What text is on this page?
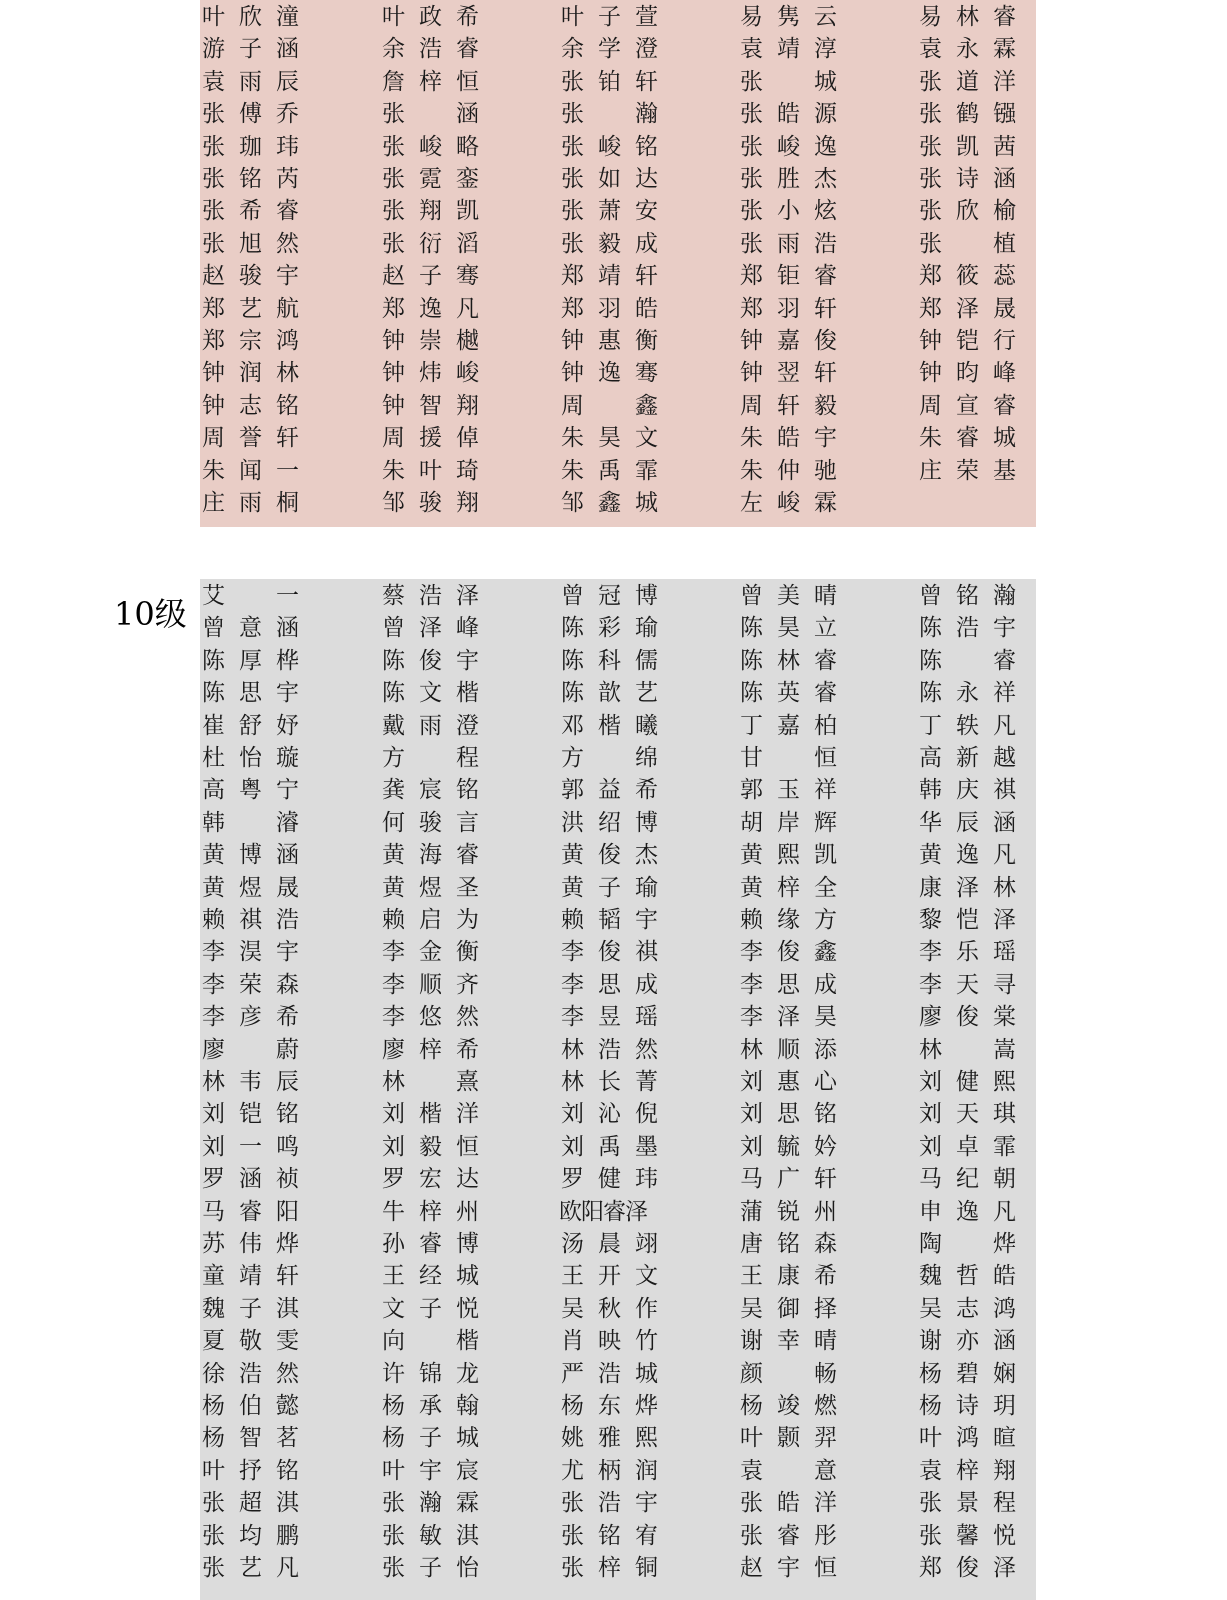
叶 欣 潼	叶 政 希	叶 子 萱	易 隽 云	易 林 睿
游 子 涵	余 浩 睿	余 学 澄	袁 靖 淳	袁 永 霖
袁 雨 辰	詹 梓 恒	张 铂 轩	张 城	张 道 洋
张 傅 乔	张 涵	张 瀚	张 皓 源	张 鹤 镪
张 珈 玮	张 峻 略	张 峻 铭	张 峻 逸	张 凯 茜
张 铭 芮	张 霓 銮	张 如 达	张 胜 杰	张 诗 涵
张 希 睿	张 翔 凯	张 萧 安	张 小 炫	张 欣 榆
张 旭 然	张 衍 滔	张 毅 成	张 雨 浩	张 植
赵 骏 宇	赵 子 骞	郑 靖 轩	郑 钜 睿	郑 筱 蕊
郑 艺 航	郑 逸 凡	郑 羽 皓	郑 羽 轩	郑 泽 晟
郑 宗 鸿	钟 崇 樾	钟 惠 衡	钟 嘉 俊	钟 铠 行
钟 润 林	钟 炜 峻	钟 逸 骞	钟 翌 轩	钟 昀 峰
钟 志 铭	钟 智 翔	周 鑫	周 轩 毅	周 宣 睿
周 誉 轩	周 援 倬	朱 昊 文	朱 皓 宇	朱 睿 城
朱 闻 一	朱 叶 琦	朱 禹 霏	朱 仲 驰	庄 荣 基
庄 雨 桐	邹 骏 翔	邹 鑫 城	左 峻 霖
10级 艾 一	蔡 浩 泽	曾 冠 博	曾 美 晴	曾 铭 瀚
曾 意 涵	曾 泽 峰	陈 彩 瑜	陈 昊 立	陈 浩 宇
陈 厚 桦	陈 俊 宇	陈 科 儒	陈 林 睿	陈 睿
陈 思 宇	陈 文 楷	陈 歆 艺	陈 英 睿	陈 永 祥
崔 舒 妤	戴 雨 澄	邓 楷 曦	丁 嘉 柏	丁 轶 凡
杜 怡 璇	方 程	方 绵	甘 恒	高 新 越
高 粤 宁	龚 宸 铭	郭 益 希	郭 玉 祥	韩 庆 祺
韩 濬	何 骏 言	洪 绍 博	胡 岸 辉	华 辰 涵
黄 博 涵	黄 海 睿	黄 俊 杰	黄 熙 凯	黄 逸 凡
黄 煜 晟	黄 煜 圣	黄 子 瑜	黄 梓 全	康 泽 林
赖 祺 浩	赖 启 为	赖 韬 宇	赖 缘 方	黎 恺 泽
李 淏 宇	李 金 衡	李 俊 祺	李 俊 鑫	李 乐 瑶
李 荣 森	李 顺 齐	李 思 成	李 思 成	李 天 寻
李 彦 希	李 悠 然	李 昱 瑶	李 泽 昊	廖 俊 棠
廖 蔚	廖 梓 希	林 浩 然	林 顺 添	林 嵩
林 韦 辰	林 熹	林 长 菁	刘 惠 心	刘 健 熙
刘 铠 铭	刘 楷 洋	刘 沁 倪	刘 思 铭	刘 天 琪
刘 一 鸣	刘 毅 恒	刘 禹 墨	刘 毓 妗	刘 卓 霏
罗 涵 祯	罗 宏 达	罗 健 玮	马 广 轩	马 纪 朝
马 睿 阳	牛 梓 州	欧阳睿泽	蒲 锐 州	申 逸 凡
苏 伟 烨	孙 睿 博	汤 晨 翊	唐 铭 森	陶 烨
童 靖 轩	王 经 城	王 开 文	王 康 希	魏 哲 皓
魏 子 淇	文 子 悦	吴 秋 作	吴 御 择	吴 志 鸿
夏 敬 雯	向 楷	肖 映 竹	谢 幸 晴	谢 亦 涵
徐 浩 然	许 锦 龙	严 浩 城	颜 畅	杨 碧 娴
杨 伯 懿	杨 承 翰	杨 东 烨	杨 竣 燃	杨 诗 玥
杨 智 茗	杨 子 城	姚 雅 熙	叶 颢 羿	叶 鸿 暄
叶 抒 铭	叶 宇 宸	尤 柄 润	袁 意	袁 梓 翔
张 超 淇	张 瀚 霖	张 浩 宇	张 皓 洋	张 景 程
张 均 鹏	张 敏 淇	张 铭 宥	张 睿 彤	张 馨 悦
张 艺 凡	张 子 怡	张 梓 铜	赵 宇 恒	郑 俊 泽
